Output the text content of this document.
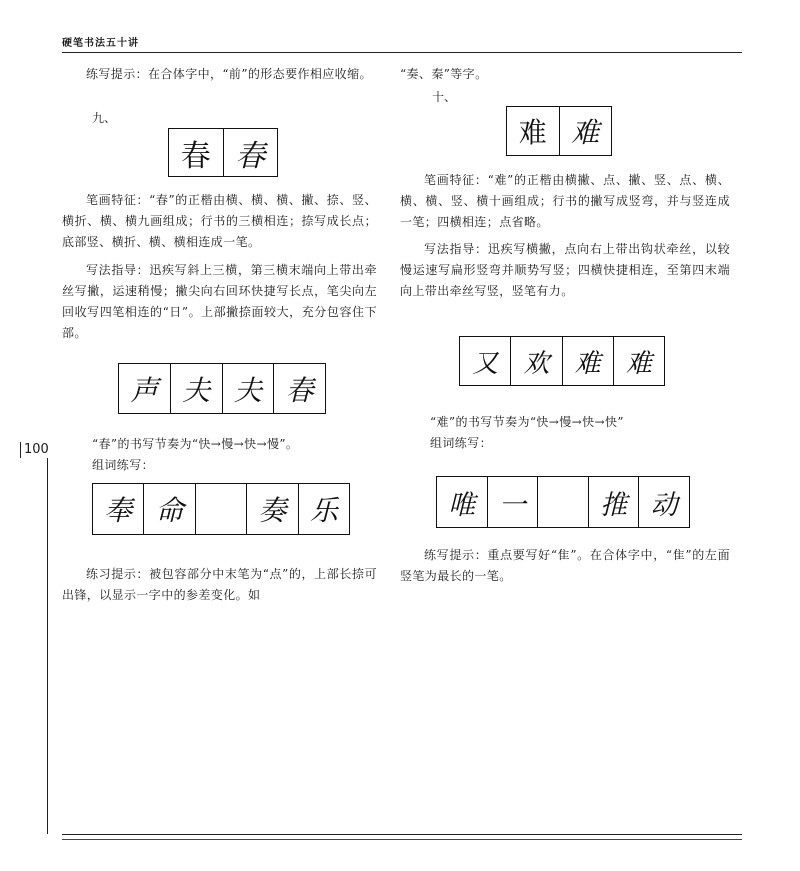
硬笔书法五十讲
100
练写提示：在合体字中，“前”的形态要作相应收缩。
九、
春 春
笔画特征：“春”的正楷由横、横、横、撇、捺、竖、横折、横、横九画组成；行书的三横相连；捺写成长点；底部竖、横折、横、横相连成一笔。
写法指导：迅疾写斜上三横，第三横末端向上带出牵丝写撇，运速稍慢；撇尖向右回环快捷写长点，笔尖向左回收写四笔相连的“日”。上部撇捺面较大，充分包容住下部。
声 夫 夫 春
“春”的书写节奏为“快→慢→快→慢”。
组词练写：
奉 命	奏 乐
练习提示：被包容部分中末笔为“点”的，上部长捺可出锋，以显示一字中的参差变化。如
“奏、秦”等字。
十、
难 难
笔画特征：“难”的正楷由横撇、点、撇、竖、点、横、横、横、竖、横十画组成；行书的撇写成竖弯，并与竖连成一笔；四横相连；点省略。
写法指导：迅疾写横撇，点向右上带出钩状牵丝，以较慢运速写扁形竖弯并顺势写竖；四横快捷相连，至第四末端向上带出牵丝写竖，竖笔有力。
又 欢 难 难
“难”的书写节奏为“快→慢→快→快”
组词练写：
唯 一	推 动
练写提示：重点要写好“隹”。在合体字中，“隹”的左面竖笔为最长的一笔。
